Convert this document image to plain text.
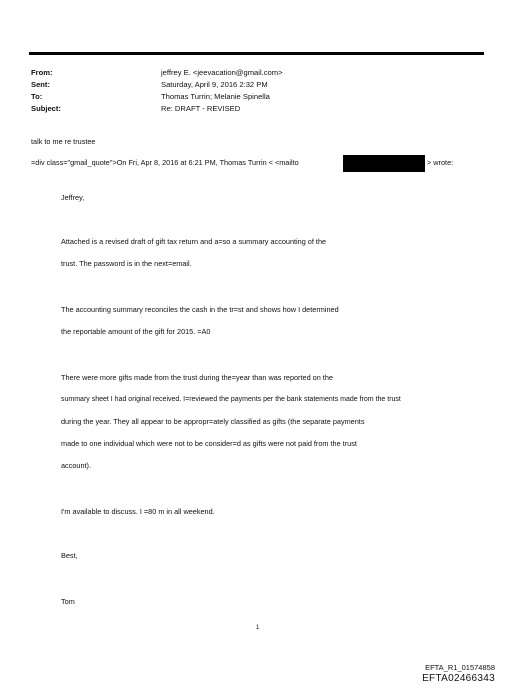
From:	jeffrey E. <jeevacation@gmail.com>
Sent:	Saturday, April 9, 2016 2:32 PM
To:	Thomas Turrin; Melanie Spinella
Subject:	Re: DRAFT - REVISED
talk to me re trustee
=div class="gmail_quote">On Fri, Apr 8, 2016 at 6:21 PM, Thomas Turrin < <mailto	> wrote:
Jeffrey,
Attached is a revised draft of gift tax return and a=so a summary accounting of the
trust. The password is in the next=email.
The accounting summary reconciles the cash in the tr=st and shows how I determined
the reportable amount of the gift for 2015. =A0
There were more gifts made from the trust during the=year than was reported on the
summary sheet I had original received. I=reviewed the payments per the bank statements made from the trust
during the year. They all appear to be appropr=ately classified as gifts (the separate payments
made to one individual which were not to be consider=d as gifts were not paid from the trust
account).
I'm available to discuss. I =80 m in all weekend.
Best,
Tom
1
EFTA_R1_01574858
EFTA02466343
